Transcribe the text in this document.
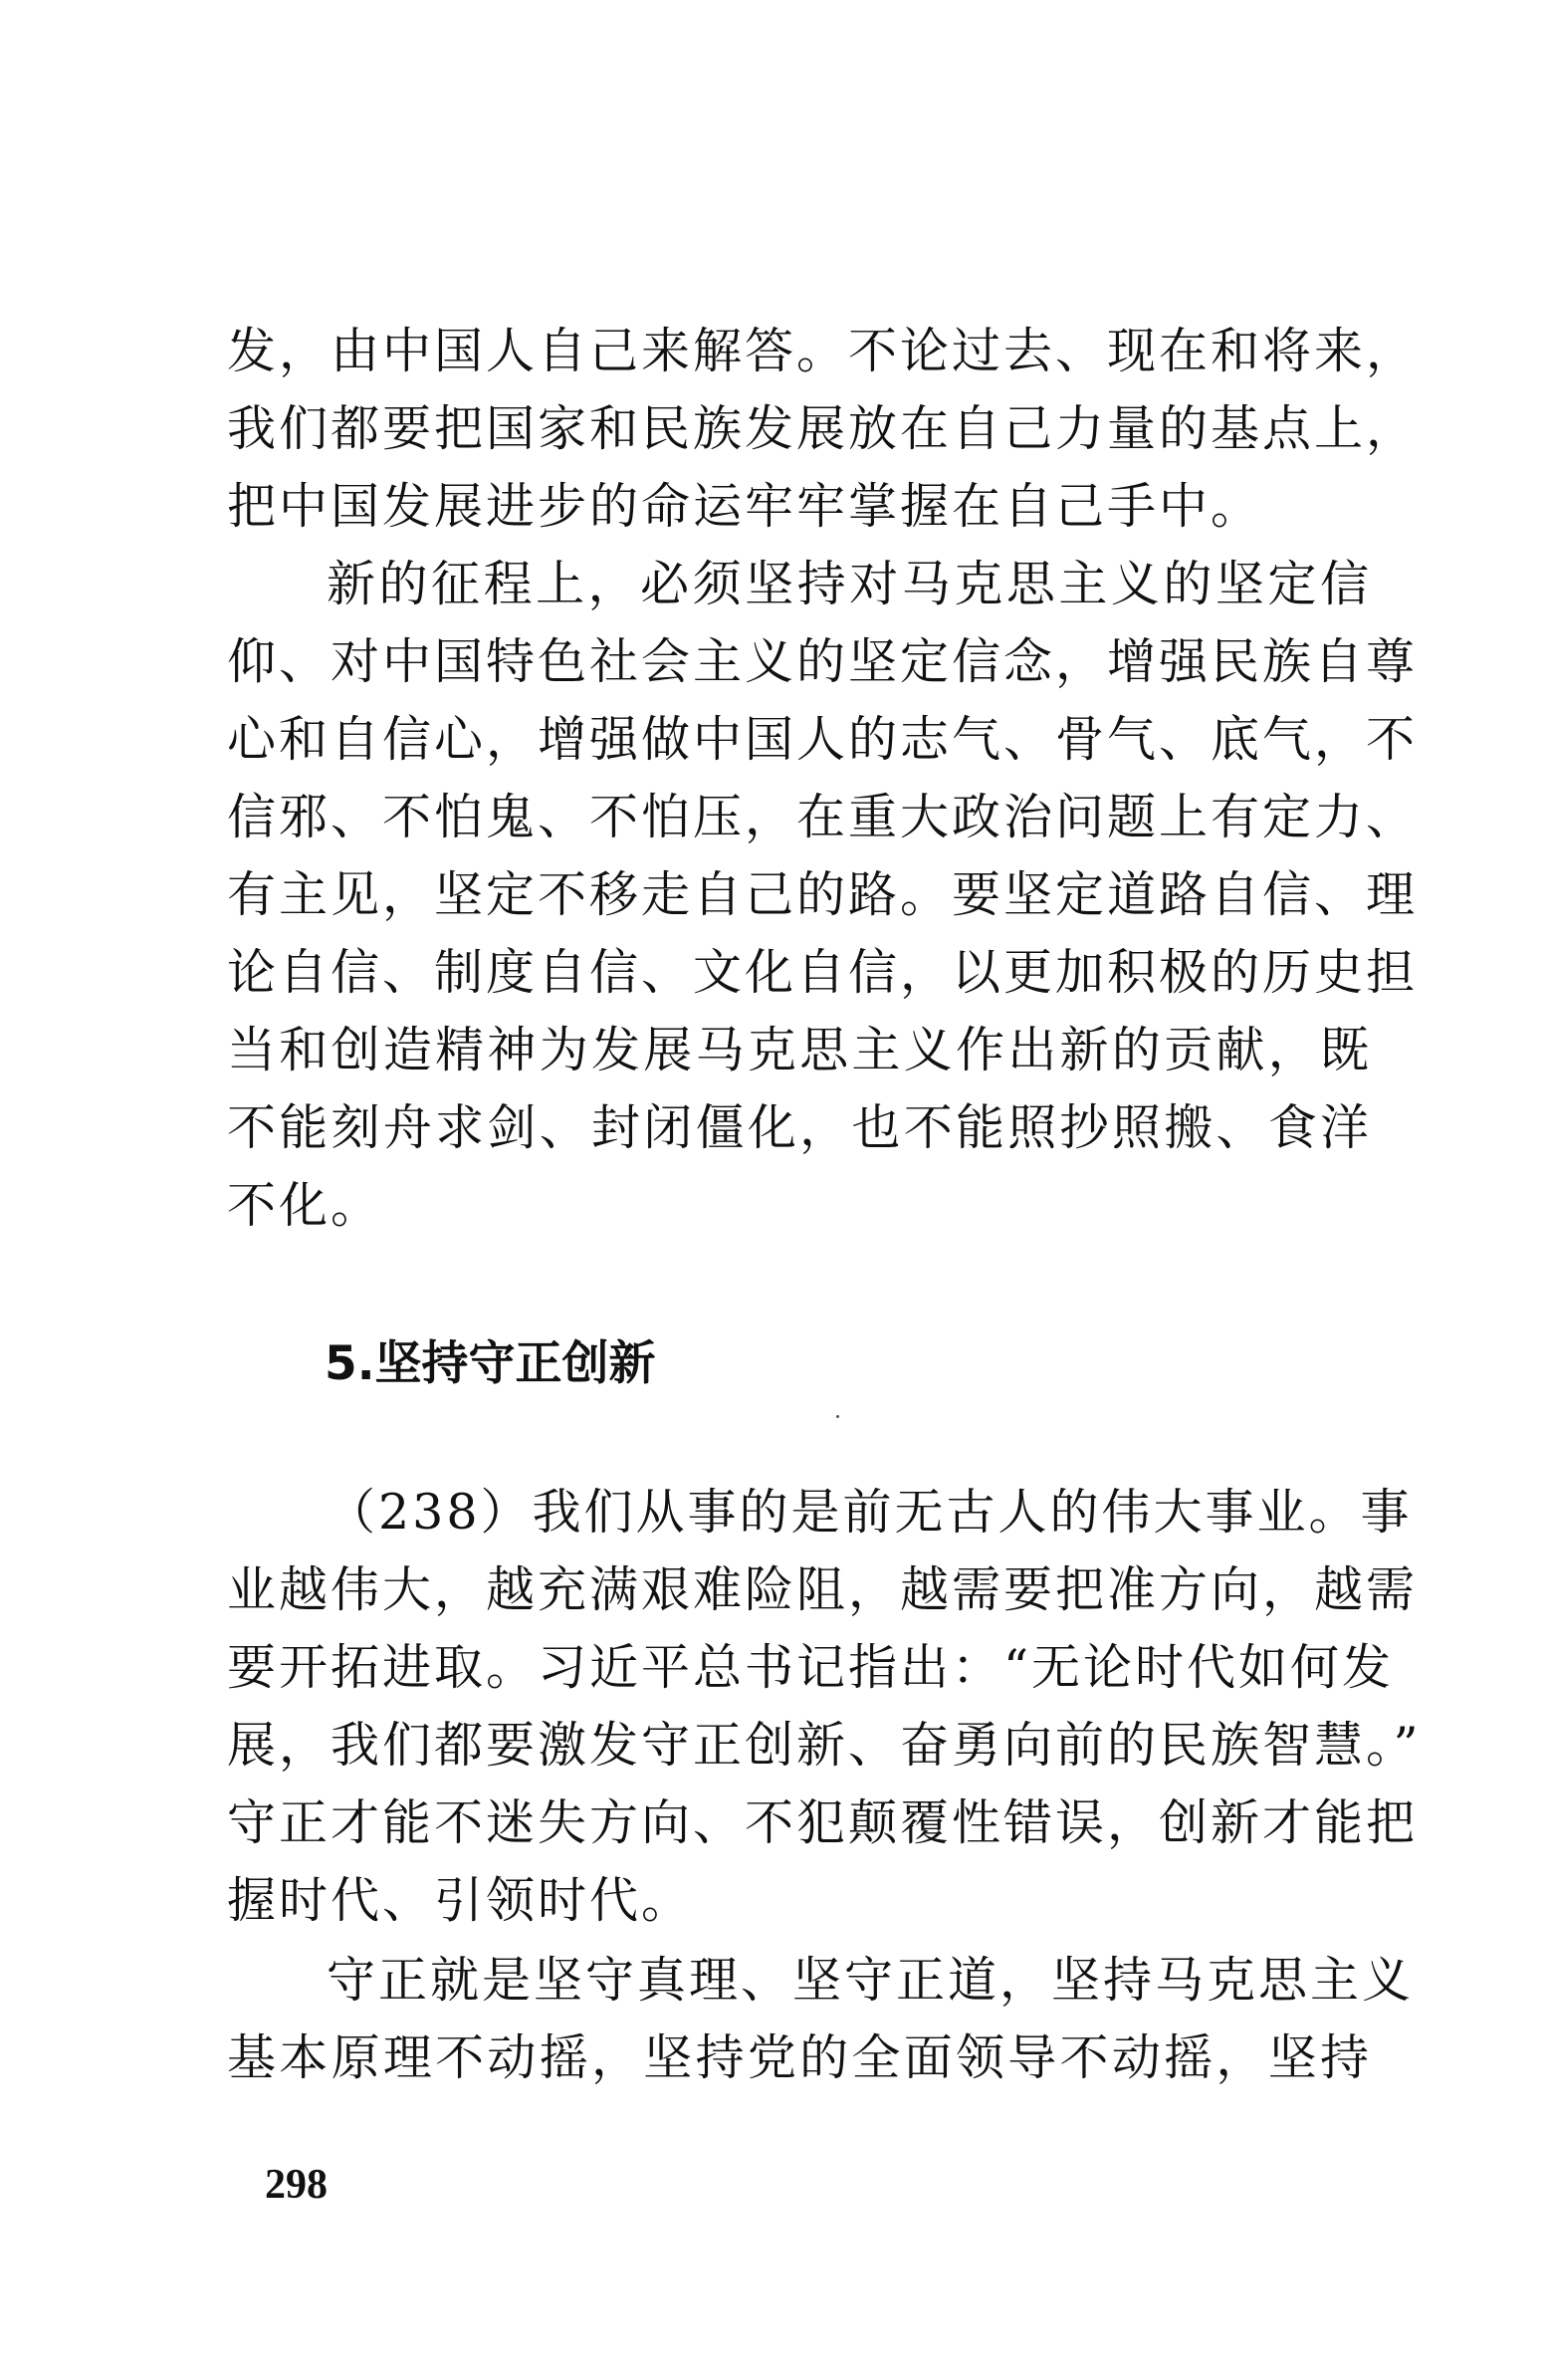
发，由中国人自己来解答。不论过去、现在和将来，
我们都要把国家和民族发展放在自己力量的基点上，
把中国发展进步的命运牢牢掌握在自己手中。
新的征程上，必须坚持对马克思主义的坚定信
仰、对中国特色社会主义的坚定信念，增强民族自尊
心和自信心，增强做中国人的志气、骨气、底气，不
信邪、不怕鬼、不怕压，在重大政治问题上有定力、
有主见，坚定不移走自己的路。要坚定道路自信、理
论自信、制度自信、文化自信，以更加积极的历史担
当和创造精神为发展马克思主义作出新的贡献，既
不能刻舟求剑、封闭僵化，也不能照抄照搬、食洋
不化。
5.坚持守正创新
（238）我们从事的是前无古人的伟大事业。事
业越伟大，越充满艰难险阻，越需要把准方向，越需
要开拓进取。习近平总书记指出：“无论时代如何发
展，我们都要激发守正创新、奋勇向前的民族智慧。”
守正才能不迷失方向、不犯颠覆性错误，创新才能把
握时代、引领时代。
守正就是坚守真理、坚守正道，坚持马克思主义
基本原理不动摇，坚持党的全面领导不动摇，坚持
298
